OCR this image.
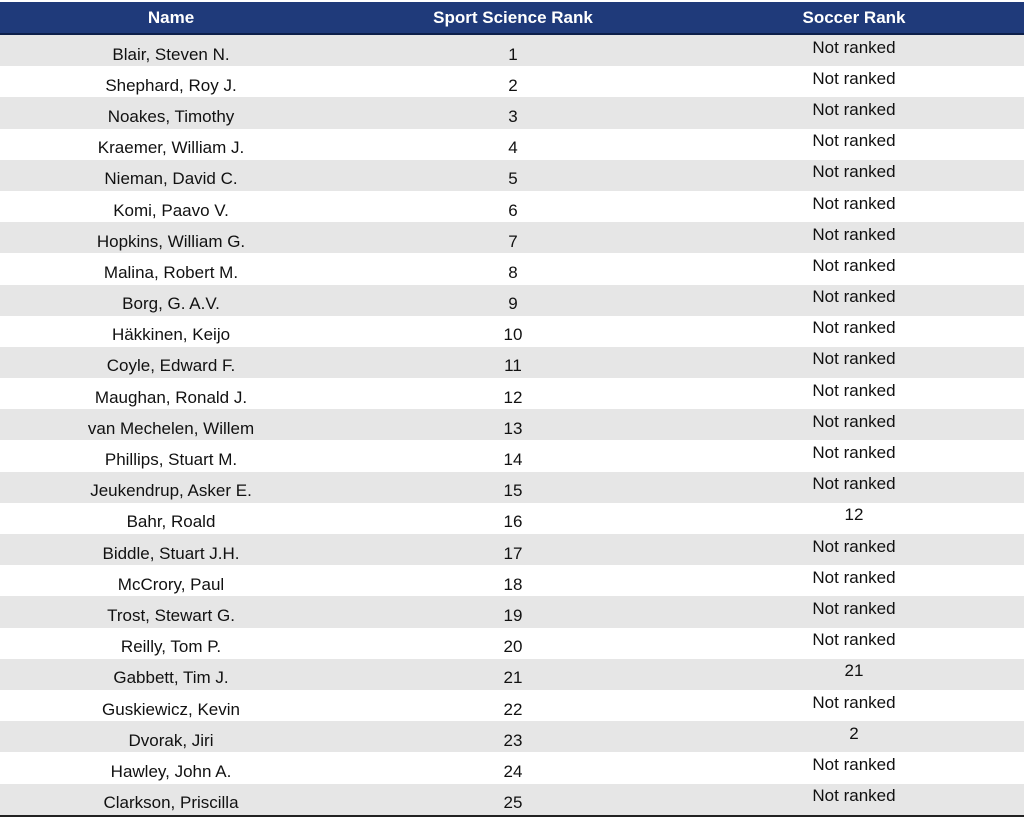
Name	Sport Science Rank	Soccer Rank
Blair, Steven N.	1	Not ranked
Shephard, Roy J.	2	Not ranked
Noakes, Timothy	3	Not ranked
Kraemer, William J.	4	Not ranked
Nieman, David C.	5	Not ranked
Komi, Paavo V.	6	Not ranked
Hopkins, William G.	7	Not ranked
Malina, Robert M.	8	Not ranked
Borg, G. A.V.	9	Not ranked
Häkkinen, Keijo	10	Not ranked
Coyle, Edward F.	11	Not ranked
Maughan, Ronald J.	12	Not ranked
van Mechelen, Willem	13	Not ranked
Phillips, Stuart M.	14	Not ranked
Jeukendrup, Asker E.	15	Not ranked
Bahr, Roald	16	12
Biddle, Stuart J.H.	17	Not ranked
McCrory, Paul	18	Not ranked
Trost, Stewart G.	19	Not ranked
Reilly, Tom P.	20	Not ranked
Gabbett, Tim J.	21	21
Guskiewicz, Kevin	22	Not ranked
Dvorak, Jiri	23	2
Hawley, John A.	24	Not ranked
Clarkson, Priscilla	25	Not ranked
